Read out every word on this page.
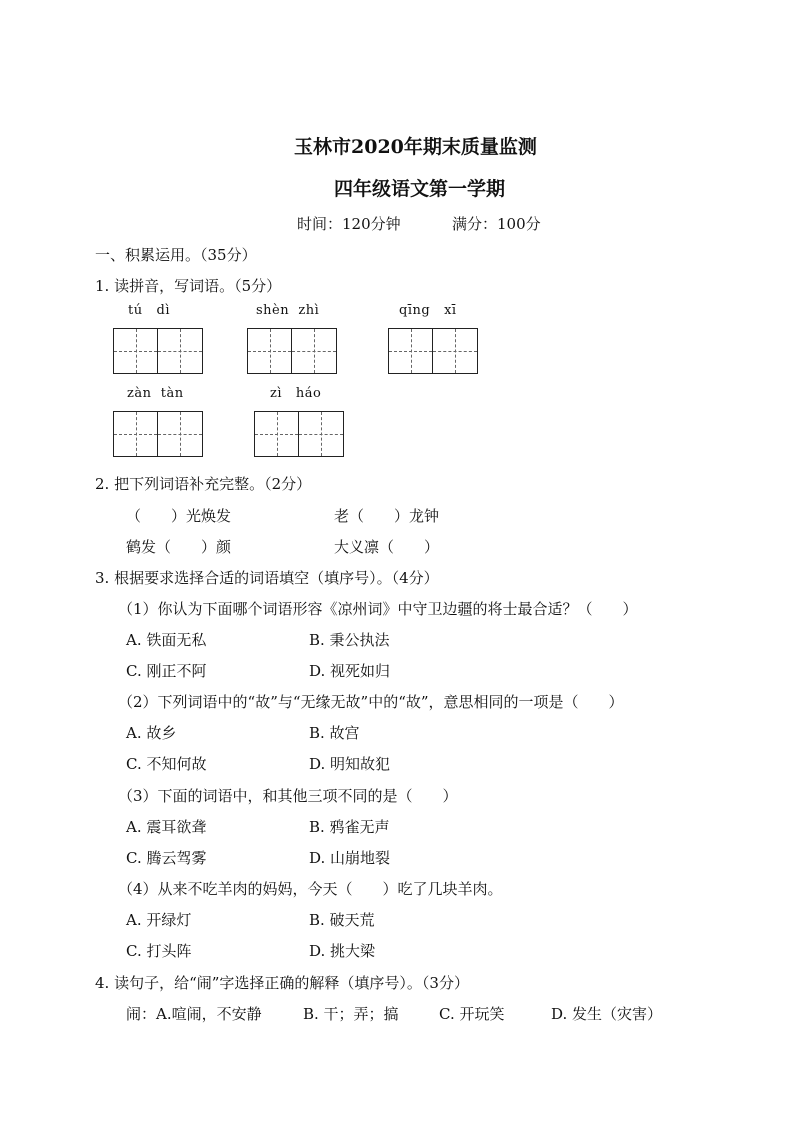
玉林市2020年期末质量监测
四年级语文第一学期
时间：120分钟	满分：100分
一、积累运用。（35分）
1. 读拼音，写词语。（5分）
tú   dì	shèn  zhì	qīng   xī
zàn  tàn	zì   háo
2. 把下列词语补充完整。（2分）
（　　）光焕发	老（　　）龙钟
鹤发（　　）颜	大义凛（　　）
3. 根据要求选择合适的词语填空（填序号）。（4分）
（1）你认为下面哪个词语形容《凉州词》中守卫边疆的将士最合适？（　　）
A. 铁面无私	B. 秉公执法
C. 刚正不阿	D. 视死如归
（2）下列词语中的“故”与“无缘无故”中的“故”，意思相同的一项是（　　）
A. 故乡	B. 故宫
C. 不知何故	D. 明知故犯
（3）下面的词语中，和其他三项不同的是（　　）
A. 震耳欲聋	B. 鸦雀无声
C. 腾云驾雾	D. 山崩地裂
（4）从来不吃羊肉的妈妈，今天（　　）吃了几块羊肉。
A. 开绿灯	B. 破天荒
C. 打头阵	D. 挑大梁
4. 读句子，给“闹”字选择正确的解释（填序号）。（3分）
闹：A.喧闹，不安静	B. 干；弄；搞	C. 开玩笑	D. 发生（灾害）
